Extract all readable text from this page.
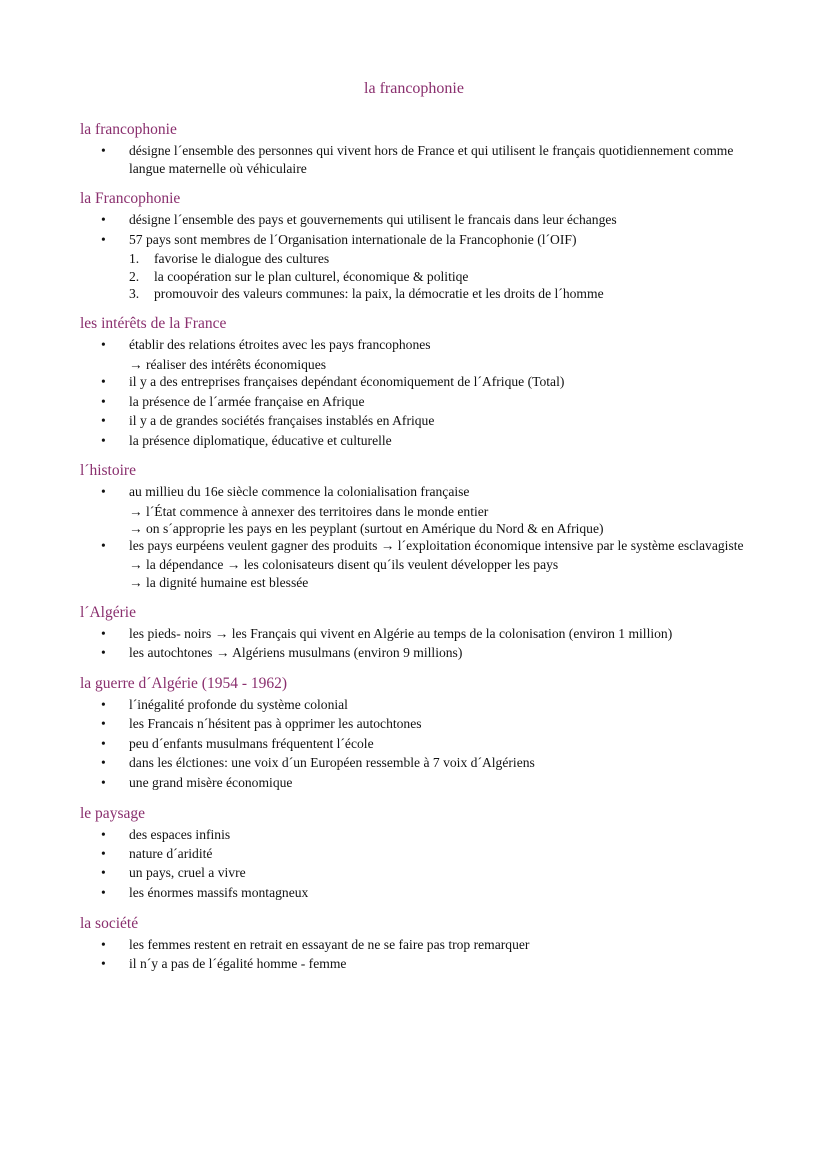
la francophonie
la francophonie
• désigne l´ensemble des personnes qui vivent hors de France et qui utilisent le français quotidiennement comme langue maternelle où véhiculaire
la Francophonie
• désigne l´ensemble des pays et gouvernements qui utilisent le francais dans leur échanges
• 57 pays sont membres de l´Organisation internationale de la Francophonie (l´OIF)
1. favorise le dialogue des cultures
2. la coopération sur le plan culturel, économique & politiqe
3. promouvoir des valeurs communes: la paix, la démocratie et les droits de l´homme
les intérêts de la France
• établir des relations étroites avec les pays francophones
→ réaliser des intérêts économiques
• il y a des entreprises françaises depéndant économiquement de l´Afrique (Total)
• la présence de l´armée française en Afrique
• il y a de grandes sociétés françaises instablés en Afrique
• la présence diplomatique, éducative et culturelle
l´histoire
• au millieu du 16e siècle commence la colonialisation française
→ l´État commence à annexer des territoires dans le monde entier
→ on s´approprie les pays en les peyplant (surtout en Amérique du Nord & en Afrique)
• les pays eurpéens veulent gagner des produits → l´exploitation économique intensive par le système esclavagiste
→ la dépendance → les colonisateurs disent qu´ils veulent développer les pays
→ la dignité humaine est blessée
l´Algérie
• les pieds- noirs → les Français qui vivent en Algérie au temps de la colonisation (environ 1 million)
• les autochtones → Algériens musulmans (environ 9 millions)
la guerre d´Algérie (1954 - 1962)
• l´inégalité profonde du système colonial
• les Francais n´hésitent pas à opprimer les autochtones
• peu d´enfants musulmans fréquentent l´école
• dans les élctiones: une voix d´un Européen ressemble à 7 voix d´Algériens
• une grand misère économique
le paysage
• des espaces infinis
• nature d´aridité
• un pays, cruel a vivre
• les énormes massifs montagneux
la société
• les femmes restent en retrait en essayant de ne se faire pas trop remarquer
• il n´y a pas de l´égalité homme - femme
